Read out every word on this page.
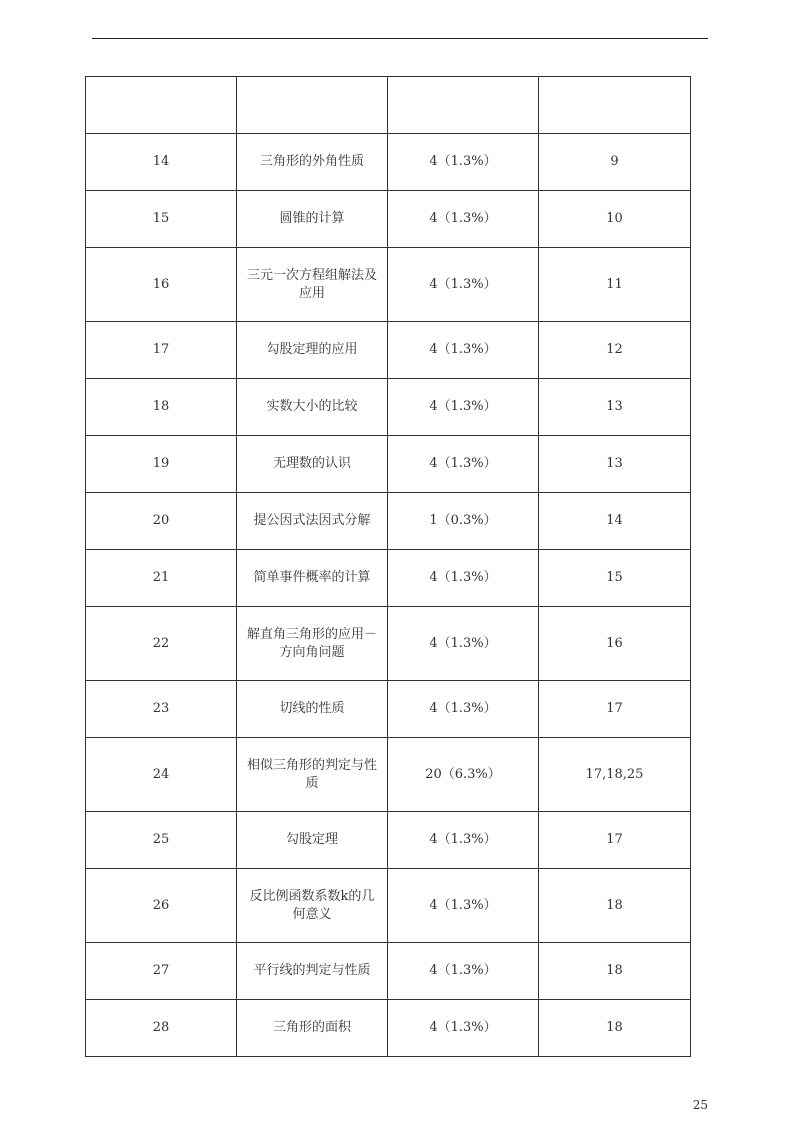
14	三角形的外角性质	4（1.3%）	9
15	圆锥的计算	4（1.3%）	10
16	三元一次方程组解法及应用	4（1.3%）	11
17	勾股定理的应用	4（1.3%）	12
18	实数大小的比较	4（1.3%）	13
19	无理数的认识	4（1.3%）	13
20	提公因式法因式分解	1（0.3%）	14
21	简单事件概率的计算	4（1.3%）	15
22	解直角三角形的应用－方向角问题	4（1.3%）	16
23	切线的性质	4（1.3%）	17
24	相似三角形的判定与性质	20（6.3%）	17,18,25
25	勾股定理	4（1.3%）	17
26	反比例函数系数k的几何意义	4（1.3%）	18
27	平行线的判定与性质	4（1.3%）	18
28	三角形的面积	4（1.3%）	18
25
